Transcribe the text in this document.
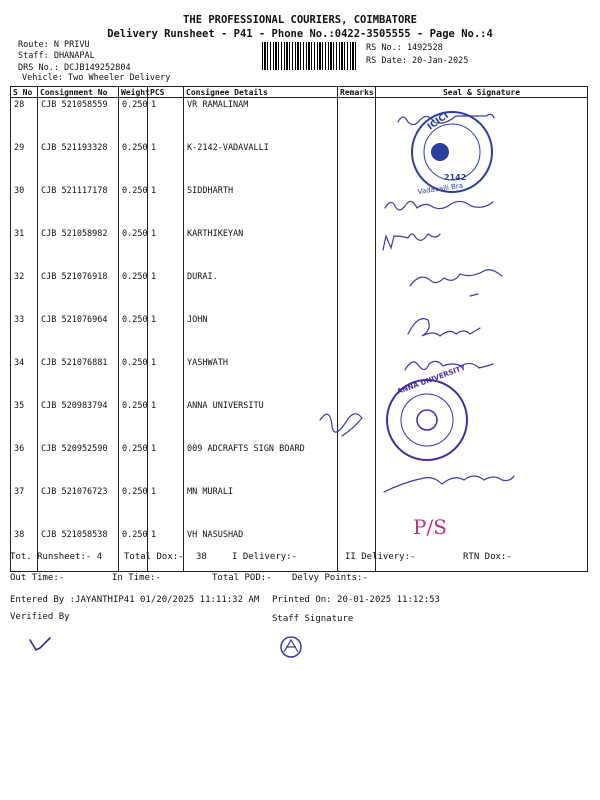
THE PROFESSIONAL COURIERS, COIMBATORE
Delivery Runsheet - P41 - Phone No.:0422-3505555 - Page No.:4
Route: N PRIVU
Staff: DHANAPAL
DRS No.: DCJB149252804
Vehicle: Two Wheeler Delivery
RS No.: 1492528
RS Date: 20-Jan-2025
S No	Consignment No	Weight	PCS	Consignee Details	Remarks	Seal & Signature
28	CJB 521058559	0.250	1	VR RAMALINAM		
29	CJB 521193328	0.250	1	K-2142-VADAVALLI		
30	CJB 521117178	0.250	1	SIDDHARTH		
31	CJB 521058982	0.250	1	KARTHIKEYAN		
32	CJB 521076918	0.250	1	DURAI.		
33	CJB 521076964	0.250	1	JOHN		
34	CJB 521076881	0.250	1	YASHWATH		
35	CJB 520983794	0.250	1	ANNA UNIVERSITU		
36	CJB 520952590	0.250	1	009 ADCRAFTS SIGN BOARD		
37	CJB 521076723	0.250	1	MN MURALI		
38	CJB 521058538	0.250	1	VH NASUSHAD		
ICICI
2142
Vadavalli Bra
ANNA UNIVERSITY
P/S
Tot. Runsheet:- 4 Total Dox:- 38	I Delivery:-	II Delivery:-	RTN Dox:-
Out Time:-	In Time:-	Total POD:- Delvy Points:-
Entered By :JAYANTHIP41 01/20/2025 11:11:32 AM Printed On: 20-01-2025 11:12:53
Verified By	Staff Signature
